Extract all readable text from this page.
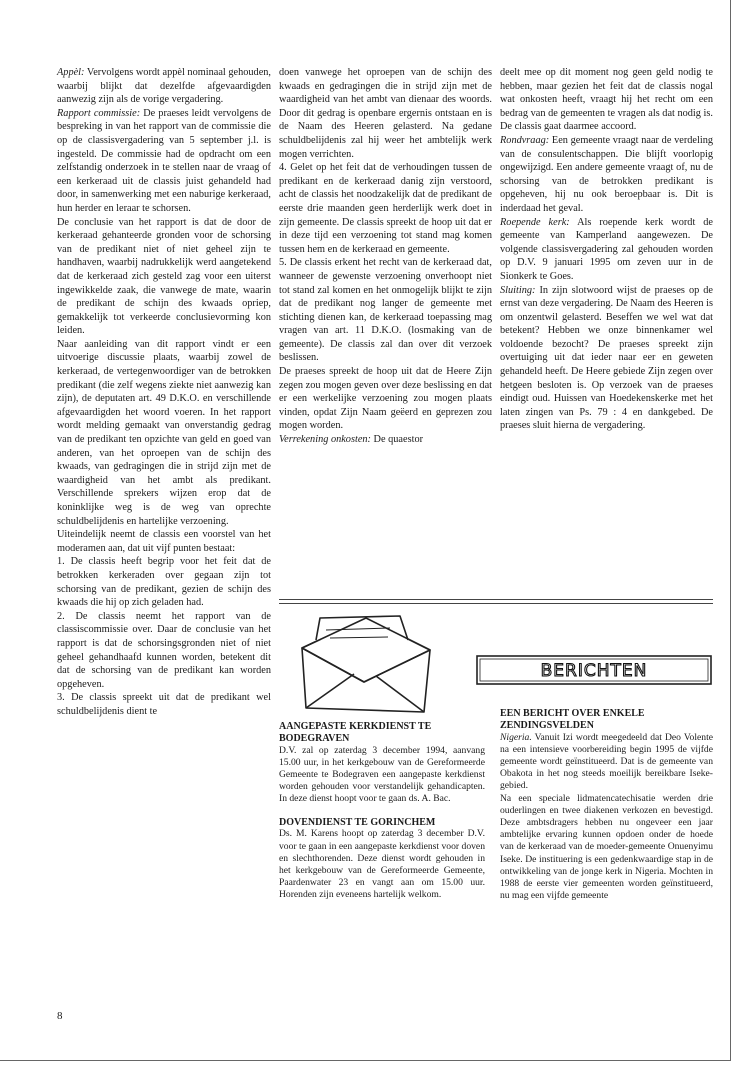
Appèl: Vervolgens wordt appèl nominaal gehouden, waarbij blijkt dat dezelfde afgevaardigden aanwezig zijn als de vorige vergadering.

Rapport commissie: De praeses leidt vervolgens de bespreking in van het rapport van de commissie die op de classisvergadering van 5 september j.l. is ingesteld. De commissie had de opdracht om een zelfstandig onderzoek in te stellen naar de vraag of een kerkeraad uit de classis juist gehandeld had door, in samenwerking met een naburige kerkeraad, hun herder en leraar te schorsen.

De conclusie van het rapport is dat de door de kerkeraad gehanteerde gronden voor de schorsing van de predikant niet of niet geheel zijn te handhaven, waarbij nadrukkelijk werd aangetekend dat de kerkeraad zich gesteld zag voor een uiterst ingewikkelde zaak, die vanwege de mate, waarin de predikant de schijn des kwaads opriep, gemakkelijk tot verkeerde conclusievorming kon leiden.

Naar aanleiding van dit rapport vindt er een uitvoerige discussie plaats, waarbij zowel de kerkeraad, de vertegenwoordiger van de betrokken predikant (die zelf wegens ziekte niet aanwezig kan zijn), de deputaten art. 49 D.K.O. en verschillende afgevaardigden het woord voeren. In het rapport wordt melding gemaakt van onverstandig gedrag van de predikant ten opzichte van geld en goed van anderen, van het oproepen van de schijn des kwaads, van gedragingen die in strijd zijn met de waardigheid van het ambt als predikant. Verschillende sprekers wijzen erop dat de koninklijke weg is de weg van oprechte schuldbelijdenis en hartelijke verzoening.

Uiteindelijk neemt de classis een voorstel van het moderamen aan, dat uit vijf punten bestaat:

1. De classis heeft begrip voor het feit dat de betrokken kerkeraden over gegaan zijn tot schorsing van de predikant, gezien de schijn des kwaads die hij op zich geladen had.

2. De classis neemt het rapport van de classiscommissie over. Daar de conclusie van het rapport is dat de schorsingsgronden niet of niet geheel gehandhaafd kunnen worden, betekent dit dat de schorsing van de predikant kan worden opgeheven.

3. De classis spreekt uit dat de predikant wel schuldbelijdenis dient te

doen vanwege het oproepen van de schijn des kwaads en gedragingen die in strijd zijn met de waardigheid van het ambt van dienaar des woords. Door dit gedrag is openbare ergernis ontstaan en is de Naam des Heeren gelasterd. Na gedane schuldbelijdenis zal hij weer het ambtelijk werk mogen verrichten.

4. Gelet op het feit dat de verhoudingen tussen de predikant en de kerkeraad danig zijn verstoord, acht de classis het noodzakelijk dat de predikant de eerste drie maanden geen herderlijk werk doet in zijn gemeente. De classis spreekt de hoop uit dat er in deze tijd een verzoening tot stand mag komen tussen hem en de kerkeraad en gemeente.

5. De classis erkent het recht van de kerkeraad dat, wanneer de gewenste verzoening onverhoopt niet tot stand zal komen en het onmogelijk blijkt te zijn dat de predikant nog langer de gemeente met stichting dienen kan, de kerkeraad toepassing mag vragen van art. 11 D.K.O. (losmaking van de gemeente). De classis zal dan over dit verzoek beslissen.

De praeses spreekt de hoop uit dat de Heere Zijn zegen zou mogen geven over deze beslissing en dat er een werkelijke verzoening zou mogen plaats vinden, opdat Zijn Naam geëerd en geprezen zou mogen worden.

Verrekening onkosten: De quaestor

deelt mee op dit moment nog geen geld nodig te hebben, maar gezien het feit dat de classis nogal wat onkosten heeft, vraagt hij het recht om een bedrag van de gemeenten te vragen als dat nodig is. De classis gaat daarmee accoord.

Rondvraag: Een gemeente vraagt naar de verdeling van de consulentschappen. Die blijft voorlopig ongewijzigd. Een andere gemeente vraagt of, nu de schorsing van de betrokken predikant is opgeheven, hij nu ook beroepbaar is. Dit is inderdaad het geval.

Roepende kerk: Als roepende kerk wordt de gemeente van Kamperland aangewezen. De volgende classisvergadering zal gehouden worden op D.V. 9 januari 1995 om zeven uur in de Sionkerk te Goes.

Sluiting: In zijn slotwoord wijst de praeses op de ernst van deze vergadering. De Naam des Heeren is om onzentwil gelasterd. Beseffen we wel wat dat betekent? Hebben we onze binnenkamer wel voldoende bezocht? De praeses spreekt zijn overtuiging uit dat ieder naar eer en geweten gehandeld heeft. De Heere gebiede Zijn zegen over hetgeen besloten is. Op verzoek van de praeses eindigt oud. Huissen van Hoedekenskerke met het laten zingen van Ps. 79 : 4 en dankgebed. De praeses sluit hierna de vergadering.

BERICHTEN
AANGEPASTE KERKDIENST TE BODEGRAVEN

D.V. zal op zaterdag 3 december 1994, aanvang 15.00 uur, in het kerkgebouw van de Gereformeerde Gemeente te Bodegraven een aangepaste kerkdienst worden gehouden voor verstandelijk gehandicapten. In deze dienst hoopt voor te gaan ds. A. Bac.

DOVENDIENST TE GORINCHEM

Ds. M. Karens hoopt op zaterdag 3 december D.V. voor te gaan in een aangepaste kerkdienst voor doven en slechthorenden. Deze dienst wordt gehouden in het kerkgebouw van de Gereformeerde Gemeente, Paardenwater 23 en vangt aan om 15.00 uur. Horenden zijn eveneens hartelijk welkom.

EEN BERICHT OVER ENKELE ZENDINGSVELDEN

Nigeria. Vanuit Izi wordt meegedeeld dat Deo Volente na een intensieve voorbereiding begin 1995 de vijfde gemeente wordt geïnstitueerd. Dat is de gemeente van Obakota in het nog steeds moeilijk bereikbare Iseke-gebied.

Na een speciale lidmatencatechisatie werden drie ouderlingen en twee diakenen verkozen en bevestigd. Deze ambtsdragers hebben nu ongeveer een jaar ambtelijke ervaring kunnen opdoen onder de hoede van de kerkeraad van de moeder-gemeente Onuenyimu Iseke. De instituering is een gedenkwaardige stap in de ontwikkeling van de jonge kerk in Nigeria. Mochten in 1988 de eerste vier gemeenten worden geïnstitueerd, nu mag een vijfde gemeente

8
